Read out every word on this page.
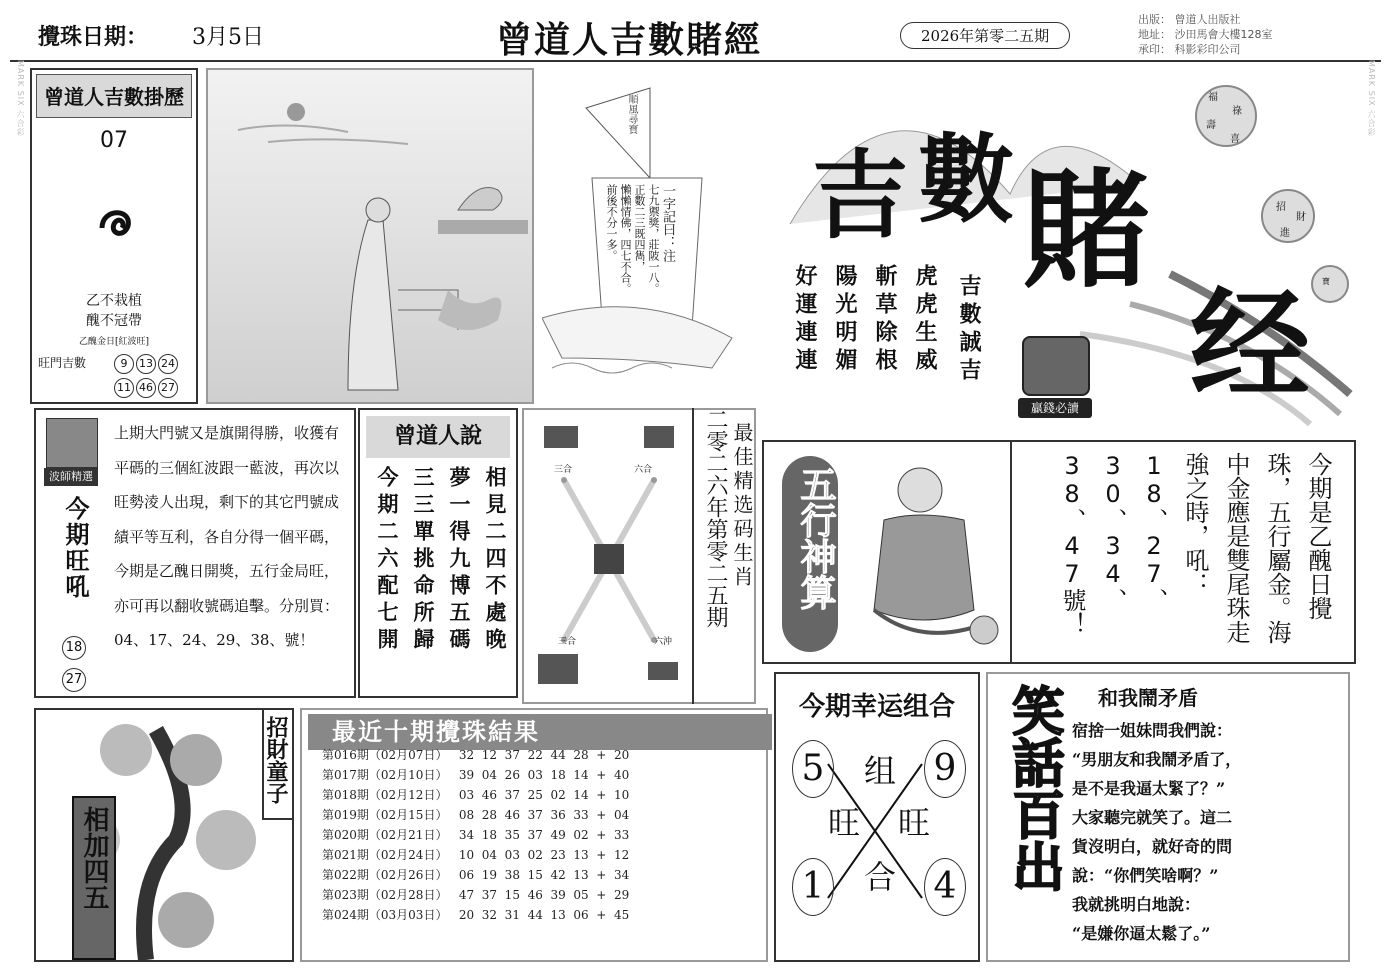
攪珠日期： 3月5日	曾道人吉數賭經	2026年第零二五期
出版： 曾道人出版社
地址： 沙田馬會大樓128室
承印： 科影彩印公司
MARK SIX 六合彩	MARK SIX 六合彩
曾道人吉數掛歷
07
乙不栽植
醜不冠帶
乙醜金日[紅波旺]
旺門吉數	9	13 24
11 46 27
順風尋寶
一字記曰：注
七九禦獎，莊陂一八。
正數二三既四雋，
懶懶情佛，四七不合。
前後不分一多。
福
祿
壽
喜
招
財
進
寶
吉 數 賭
经
虎虎生威
斬草除根
陽光明媚
好運連連	吉數誠吉
贏錢必讀
波師精選
今期旺吼
18
27
上期大門號又是旗開得勝，收獲有平碼的三個紅波跟一藍波，再次以旺勢淩人出現，剩下的其它門號成績平等互利，各自分得一個平碼，今期是乙醜日開獎，五行金局旺，亦可再以翻收號碼追擊。分別買：04、17、24、29、38、號！
曾道人說
相見二四不處晚
夢一得九博五碼
三三單挑命所歸
今期二六配七開	三合	六合
三合	六沖
二零二六年第零二五期 最佳精选码生肖 五行神算	今期是乙醜日攪珠，五行屬金。海中金應是雙尾珠走強之時，吼：18、27、30、34、38、47號！
相加四五
招財童子	最近十期攪珠結果
第016期（02月07日）   32  12  37  22  44  28  +  20
第017期（02月10日）   39  04  26  03  18  14  +  40
第018期（02月12日）   03  46  37  25  02  14  +  10
第019期（02月15日）   08  28  46  37  36  33  +  04
第020期（02月21日）   34  18  35  37  49  02  +  33
第021期（02月24日）   10  04  03  02  23  13  +  12
第022期（02月26日）   06  19  38  15  42  13  +  34
第023期（02月28日）   47  37  15  46  39  05  +  29
第024期（03月03日）   20  32  31  44  13  06  +  45
今期幸运组合
5	9
1	4
组
旺 旺
合 笑話百出	和我鬧矛盾
宿捨一姐妹問我們說：
“男朋友和我鬧矛盾了，
是不是我逼太緊了？”
大家聽完就笑了。這二
貨沒明白，就好奇的問
說：“你們笑啥啊？”
我就挑明白地說：
“是嫌你逼太鬆了。”
